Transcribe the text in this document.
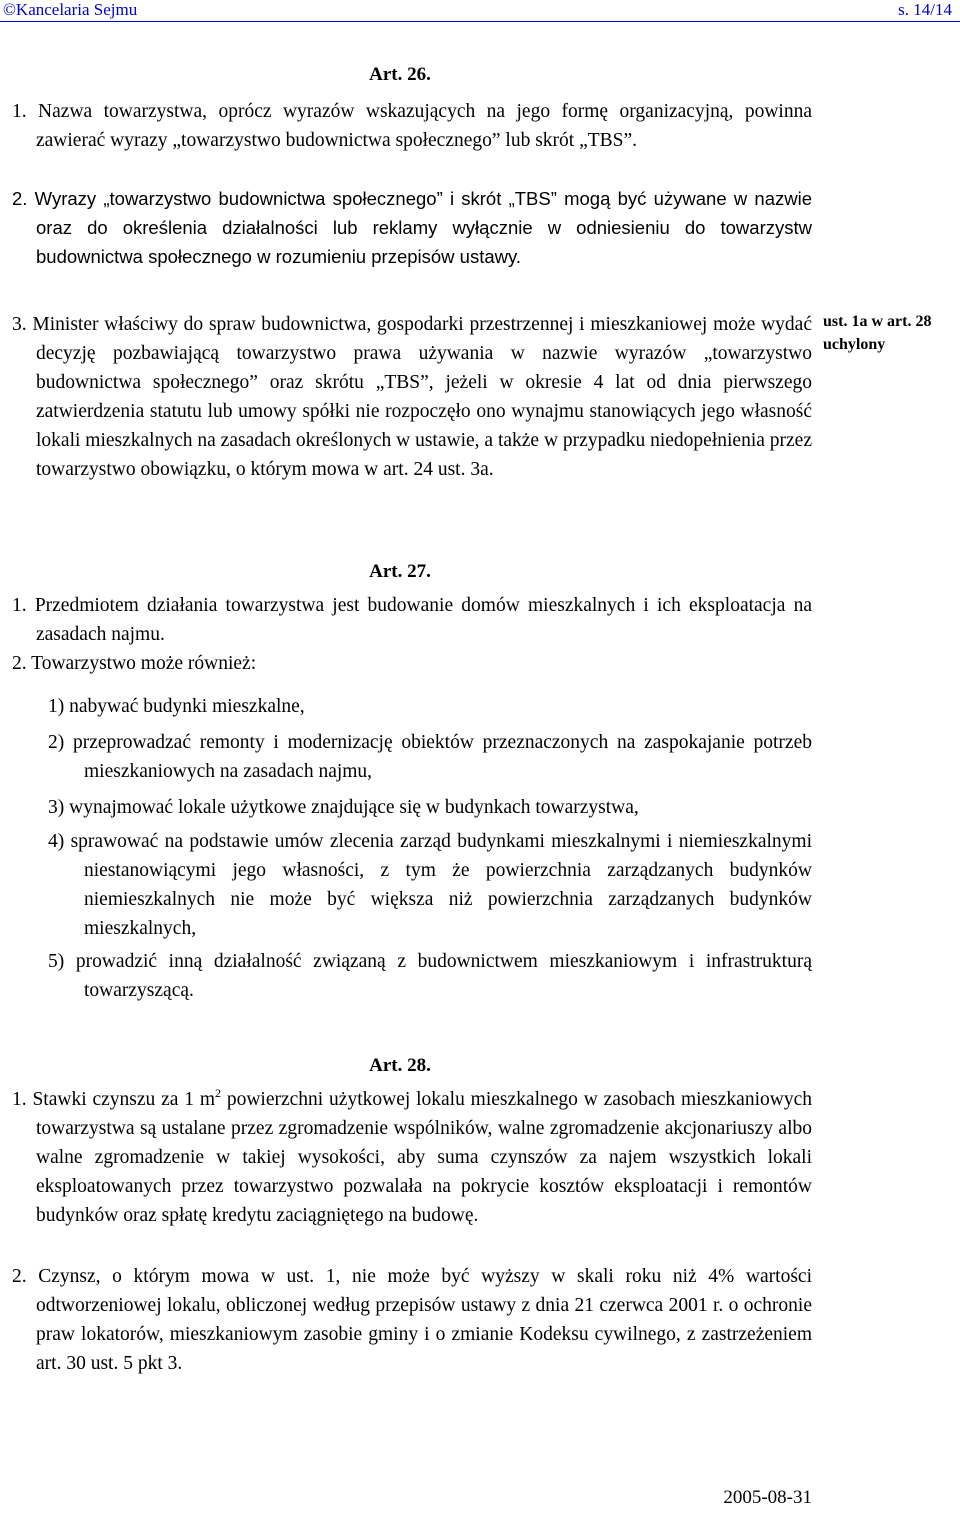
©Kancelaria Sejmu	s. 14/14
Art. 26.
1. Nazwa towarzystwa, oprócz wyrazów wskazujących na jego formę organizacyjną, powinna zawierać wyrazy „towarzystwo budownictwa społecznego” lub skrót „TBS”.
2. Wyrazy „towarzystwo budownictwa społecznego” i skrót „TBS” mogą być używane w nazwie oraz do określenia działalności lub reklamy wyłącznie w odniesieniu do towarzystw budownictwa społecznego w rozumieniu przepisów ustawy.
3. Minister właściwy do spraw budownictwa, gospodarki przestrzennej i mieszkaniowej może wydać decyzję pozbawiającą towarzystwo prawa używania w nazwie wyrazów „towarzystwo budownictwa społecznego” oraz skrótu „TBS”, jeżeli w okresie 4 lat od dnia pierwszego zatwierdzenia statutu lub umowy spółki nie rozpoczęło ono wynajmu stanowiących jego własność lokali mieszkalnych na zasadach określonych w ustawie, a także w przypadku niedopełnienia przez towarzystwo obowiązku, o którym mowa w art. 24 ust. 3a.
ust. 1a w art. 28
uchylony
Art. 27.
1. Przedmiotem działania towarzystwa jest budowanie domów mieszkalnych i ich eksploatacja na zasadach najmu.
2. Towarzystwo może również:
1) nabywać budynki mieszkalne,
2) przeprowadzać remonty i modernizację obiektów przeznaczonych na zaspokajanie potrzeb mieszkaniowych na zasadach najmu,
3) wynajmować lokale użytkowe znajdujące się w budynkach towarzystwa,
4) sprawować na podstawie umów zlecenia zarząd budynkami mieszkalnymi i niemieszkalnymi niestanowiącymi jego własności, z tym że powierzchnia zarządzanych budynków niemieszkalnych nie może być większa niż powierzchnia zarządzanych budynków mieszkalnych,
5) prowadzić inną działalność związaną z budownictwem mieszkaniowym i infrastrukturą towarzyszącą.
Art. 28.
1. Stawki czynszu za 1 $m^2$ powierzchni użytkowej lokalu mieszkalnego w zasobach mieszkaniowych towarzystwa są ustalane przez zgromadzenie wspólników, walne zgromadzenie akcjonariuszy albo walne zgromadzenie w takiej wysokości, aby suma czynszów za najem wszystkich lokali eksploatowanych przez towarzystwo pozwalała na pokrycie kosztów eksploatacji i remontów budynków oraz spłatę kredytu zaciągniętego na budowę.
2. Czynsz, o którym mowa w ust. 1, nie może być wyższy w skali roku niż 4% wartości odtworzeniowej lokalu, obliczonej według przepisów ustawy z dnia 21 czerwca 2001 r. o ochronie praw lokatorów, mieszkaniowym zasobie gminy i o zmianie Kodeksu cywilnego, z zastrzeżeniem art. 30 ust. 5 pkt 3.
2005-08-31
